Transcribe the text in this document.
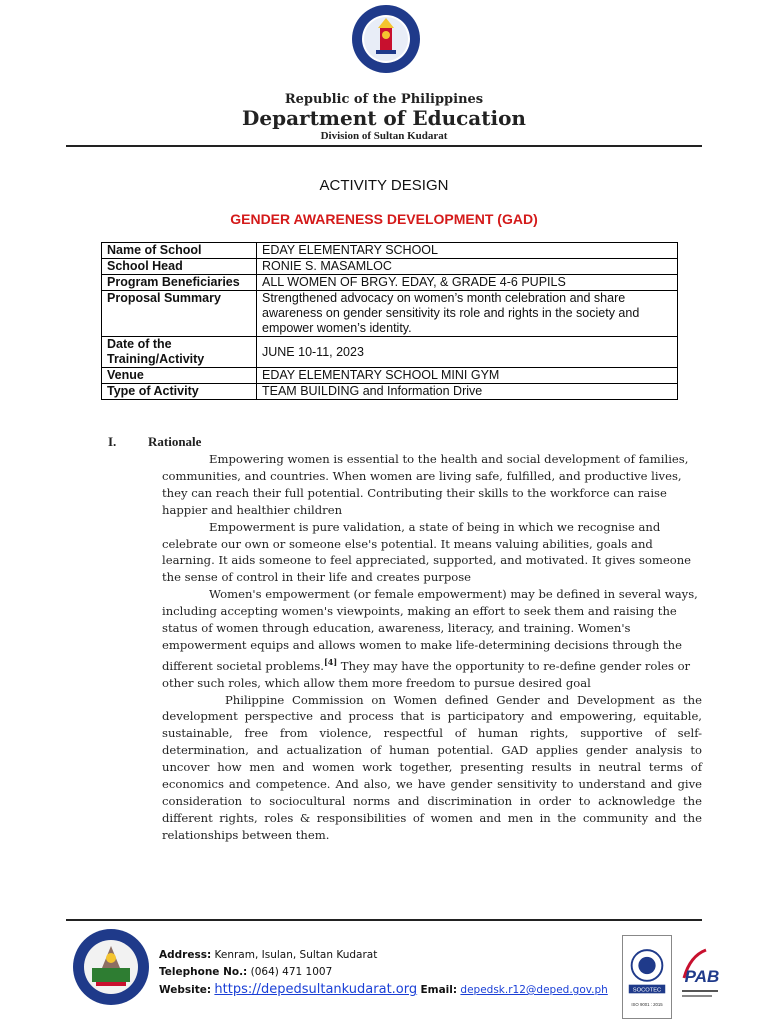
Republic of the Philippines
Department of Education
Division of Sultan Kudarat
ACTIVITY DESIGN
GENDER AWARENESS DEVELOPMENT (GAD)
Name of School	EDAY ELEMENTARY SCHOOL
School Head	RONIE S. MASAMLOC
Program Beneficiaries	ALL WOMEN OF BRGY. EDAY, & GRADE 4-6 PUPILS
Proposal Summary	Strengthened advocacy on women’s month celebration and share awareness on gender sensitivity its role and rights in the society and empower women’s identity.
Date of the Training/Activity	JUNE 10-11, 2023
Venue	EDAY ELEMENTARY SCHOOL MINI GYM
Type of Activity	TEAM BUILDING and Information Drive
I. Rationale

Empowering women is essential to the health and social development of families, communities, and countries. When women are living safe, fulfilled, and productive lives, they can reach their full potential. Contributing their skills to the workforce can raise happier and healthier children

Empowerment is pure validation, a state of being in which we recognise and celebrate our own or someone else's potential. It means valuing abilities, goals and learning. It aids someone to feel appreciated, supported, and motivated. It gives someone the sense of control in their life and creates purpose

Women's empowerment (or female empowerment) may be defined in several ways, including accepting women's viewpoints, making an effort to seek them and raising the status of women through education, awareness, literacy, and training. Women's empowerment equips and allows women to make life-determining decisions through the different societal problems.[4] They may have the opportunity to re-define gender roles or other such roles, which allow them more freedom to pursue desired goal

Philippine Commission on Women defined Gender and Development as the development perspective and process that is participatory and empowering, equitable, sustainable, free from violence, respectful of human rights, supportive of self-determination, and actualization of human potential. GAD applies gender analysis to uncover how men and women work together, presenting results in neutral terms of economics and competence. And also, we have gender sensitivity to understand and give consideration to sociocultural norms and discrimination in order to acknowledge the different rights, roles & responsibilities of women and men in the community and the relationships between them.

Address: Kenram, Isulan, Sultan Kudarat
Telephone No.: (064) 471 1007
Website: https://depedsultankudarat.org Email: depedsk.r12@deped.gov.ph	SOCOTEC
ISO 9001 : 2015
PAB
